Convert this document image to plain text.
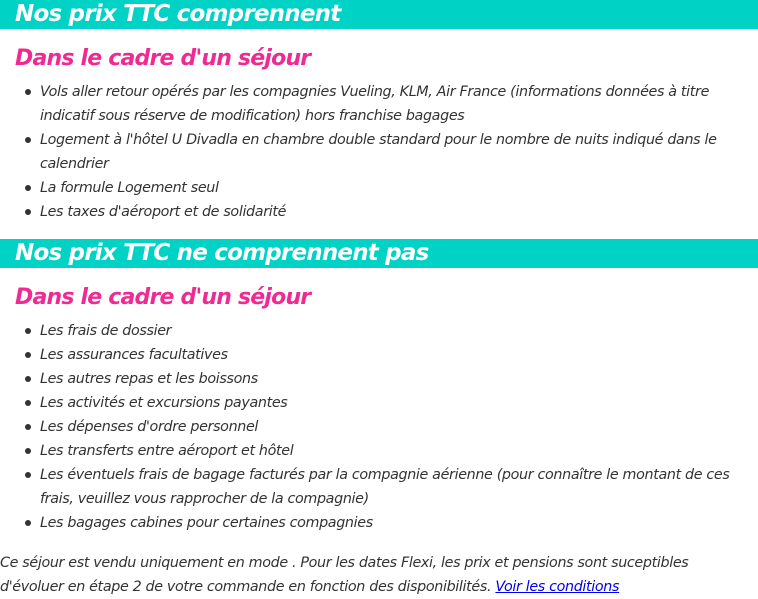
Nos prix TTC comprennent
Dans le cadre d'un séjour
Vols aller retour opérés par les compagnies Vueling, KLM, Air France (informations données à titre indicatif sous réserve de modification) hors franchise bagages
Logement à l'hôtel U Divadla en chambre double standard pour le nombre de nuits indiqué dans le calendrier
La formule Logement seul
Les taxes d'aéroport et de solidarité
Nos prix TTC ne comprennent pas
Dans le cadre d'un séjour
Les frais de dossier
Les assurances facultatives
Les autres repas et les boissons
Les activités et excursions payantes
Les dépenses d'ordre personnel
Les transferts entre aéroport et hôtel
Les éventuels frais de bagage facturés par la compagnie aérienne (pour connaître le montant de ces frais, veuillez vous rapprocher de la compagnie)
Les bagages cabines pour certaines compagnies
Ce séjour est vendu uniquement en mode . Pour les dates Flexi, les prix et pensions sont suceptibles d'évoluer en étape 2 de votre commande en fonction des disponibilités. Voir les conditions
